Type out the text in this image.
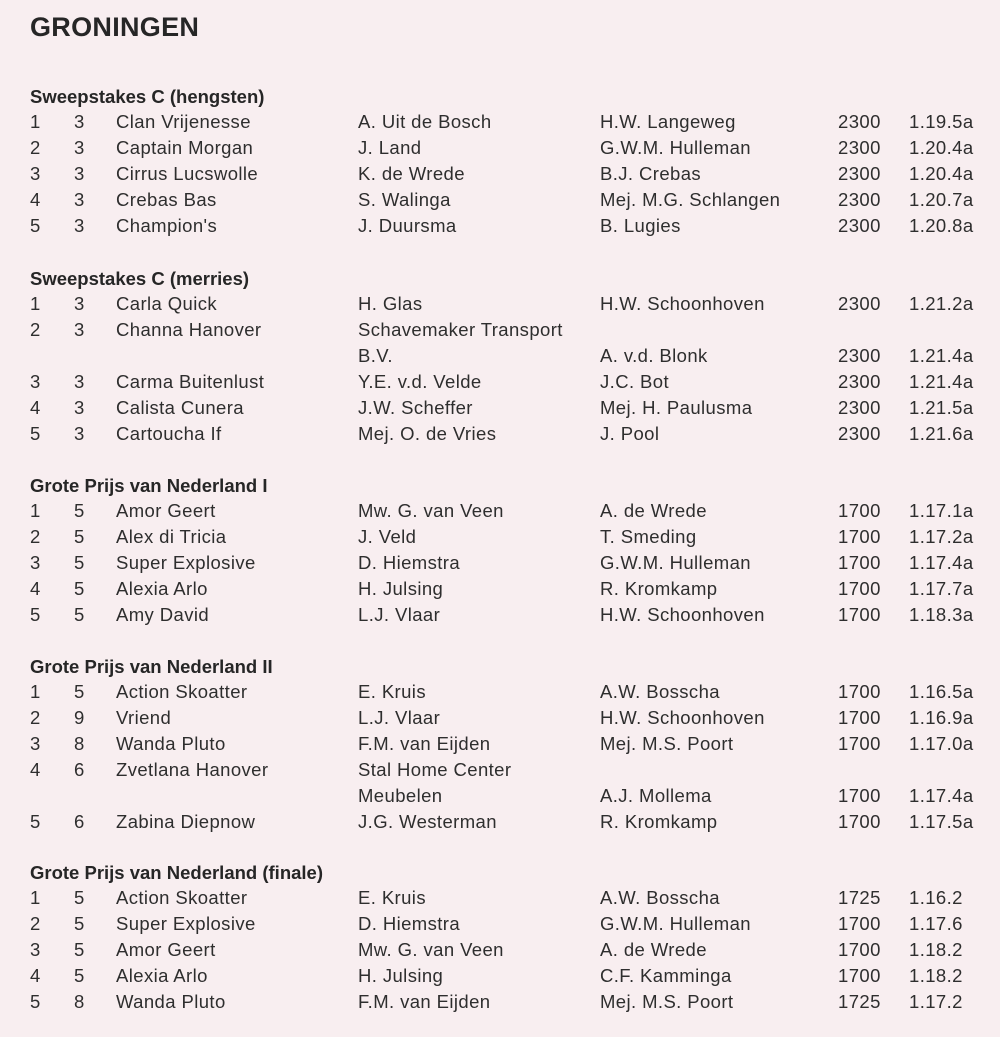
GRONINGEN
Sweepstakes C (hengsten)
1 3 Clan Vrijenesse	A. Uit de Bosch	H.W. Langeweg	2300 1.19.5a
2 3 Captain Morgan	J. Land	G.W.M. Hulleman	2300 1.20.4a
3 3 Cirrus Lucswolle	K. de Wrede	B.J. Crebas	2300 1.20.4a
4 3 Crebas Bas	S. Walinga	Mej. M.G. Schlangen	2300 1.20.7a
5 3 Champion's	J. Duursma	B. Lugies	2300 1.20.8a
Sweepstakes C (merries)
1 3 Carla Quick	H. Glas	H.W. Schoonhoven	2300 1.21.2a
2 3 Channa Hanover	Schavemaker Transport
B.V.	A. v.d. Blonk	2300 1.21.4a
3 3 Carma Buitenlust	Y.E. v.d. Velde	J.C. Bot	2300 1.21.4a
4 3 Calista Cunera	J.W. Scheffer	Mej. H. Paulusma	2300 1.21.5a
5 3 Cartoucha If	Mej. O. de Vries	J. Pool	2300 1.21.6a
Grote Prijs van Nederland I
1 5 Amor Geert	Mw. G. van Veen	A. de Wrede	1700 1.17.1a
2 5 Alex di Tricia	J. Veld	T. Smeding	1700 1.17.2a
3 5 Super Explosive	D. Hiemstra	G.W.M. Hulleman	1700 1.17.4a
4 5 Alexia Arlo	H. Julsing	R. Kromkamp	1700 1.17.7a
5 5 Amy David	L.J. Vlaar	H.W. Schoonhoven	1700 1.18.3a
Grote Prijs van Nederland II
1 5 Action Skoatter	E. Kruis	A.W. Bosscha	1700 1.16.5a
2 9 Vriend	L.J. Vlaar	H.W. Schoonhoven	1700 1.16.9a
3 8 Wanda Pluto	F.M. van Eijden	Mej. M.S. Poort	1700 1.17.0a
4 6 Zvetlana Hanover	Stal Home Center
Meubelen	A.J. Mollema	1700 1.17.4a
5 6 Zabina Diepnow	J.G. Westerman	R. Kromkamp	1700 1.17.5a
Grote Prijs van Nederland (finale)
1 5 Action Skoatter	E. Kruis	A.W. Bosscha	1725 1.16.2
2 5 Super Explosive	D. Hiemstra	G.W.M. Hulleman	1700 1.17.6
3 5 Amor Geert	Mw. G. van Veen	A. de Wrede	1700 1.18.2
4 5 Alexia Arlo	H. Julsing	C.F. Kamminga	1700 1.18.2
5 8 Wanda Pluto	F.M. van Eijden	Mej. M.S. Poort	1725 1.17.2
